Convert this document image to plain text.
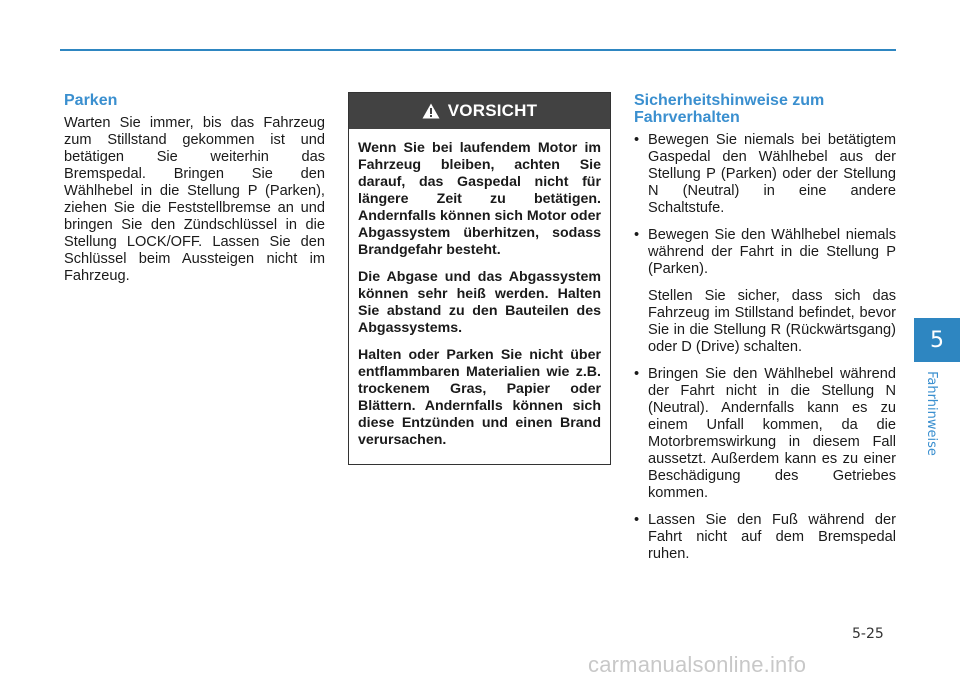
Parken

Warten Sie immer, bis das Fahrzeug zum Stillstand gekommen ist und betätigen Sie weiterhin das Bremspedal. Bringen Sie den Wählhebel in die Stellung P (Parken), ziehen Sie die Feststellbremse an und bringen Sie den Zündschlüssel in die Stellung LOCK/OFF. Lassen Sie den Schlüssel beim Aussteigen nicht im Fahrzeug.

VORSICHT

Wenn Sie bei laufendem Motor im Fahrzeug bleiben, achten Sie darauf, das Gaspedal nicht für längere Zeit zu betätigen. Andernfalls können sich Motor oder Abgassystem überhitzen, sodass Brandgefahr besteht.

Die Abgase und das Abgassystem können sehr heiß werden. Halten Sie abstand zu den Bauteilen des Abgassystems.

Halten oder Parken Sie nicht über entflammbaren Materialien wie z.B. trockenem Gras, Papier oder Blättern. Andernfalls können sich diese Entzünden und einen Brand verursachen.

Sicherheitshinweise zum Fahrverhalten
• Bewegen Sie niemals bei betätigtem Gaspedal den Wählhebel aus der Stellung P (Parken) oder der Stellung N (Neutral) in eine andere Schaltstufe.
• Bewegen Sie den Wählhebel niemals während der Fahrt in die Stellung P (Parken).
Stellen Sie sicher, dass sich das Fahrzeug im Stillstand befindet, bevor Sie in die Stellung R (Rückwärtsgang) oder D (Drive) schalten.
• Bringen Sie den Wählhebel während der Fahrt nicht in die Stellung N (Neutral). Andernfalls kann es zu einem Unfall kommen, da die Motorbremswirkung in diesem Fall aussetzt. Außerdem kann es zu einer Beschädigung des Getriebes kommen.
• Lassen Sie den Fuß während der Fahrt nicht auf dem Bremspedal ruhen.
5
Fahrhinweise
5-25
carmanualsonline.info
